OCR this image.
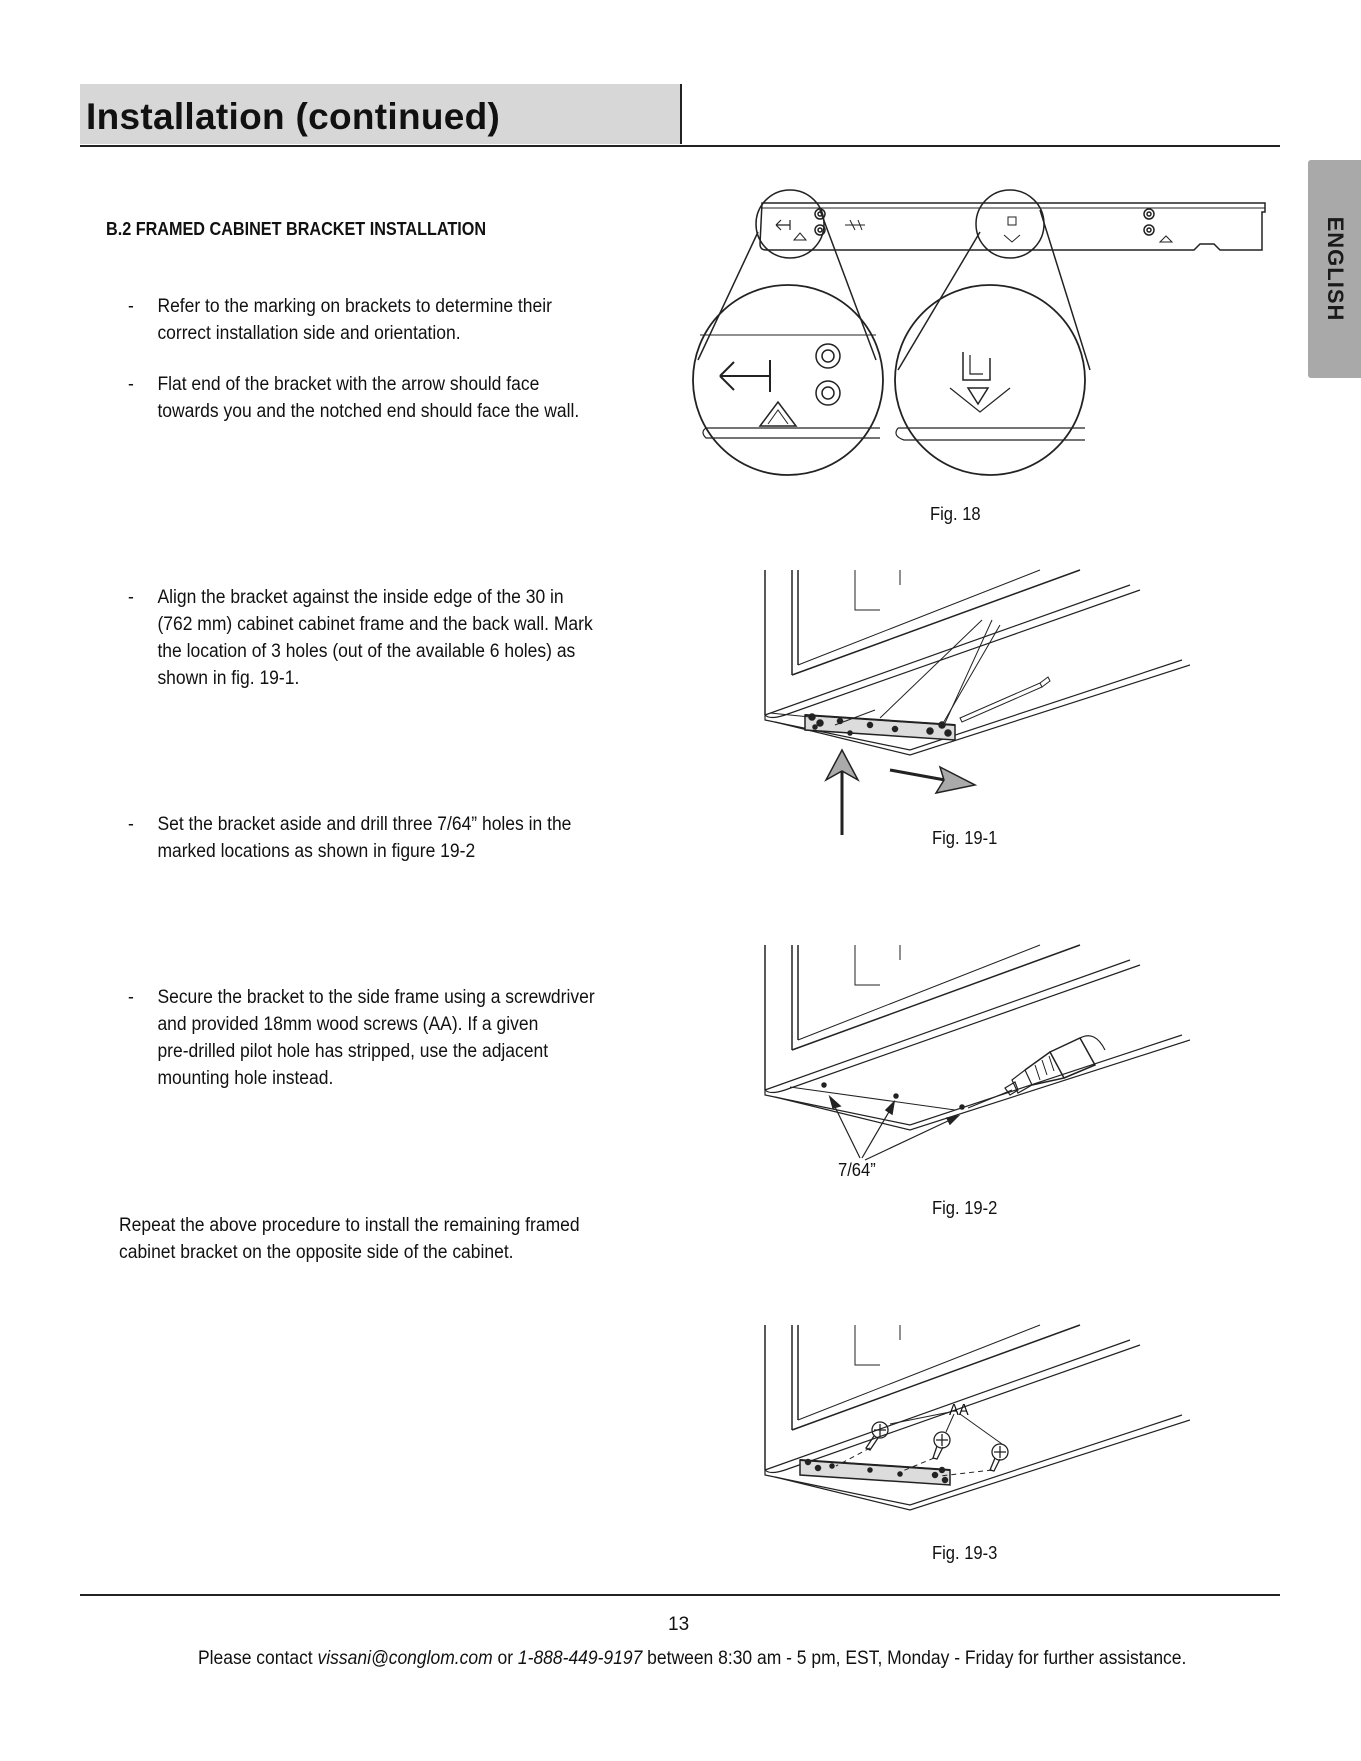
Installation (continued)
ENGLISH
B.2 FRAMED CABINET BRACKET INSTALLATION
- Refer to the marking on brackets to determine their
correct installation side and orientation.
- Flat end of the bracket with the arrow should face
towards you and the notched end should face the wall.
- Align the bracket against the inside edge of the 30 in
(762 mm) cabinet cabinet frame and the back wall. Mark
the location of 3 holes (out of the available 6 holes) as
shown in fig. 19-1.
- Set the bracket aside and drill three 7/64” holes in the
marked locations as shown in figure 19-2
- Secure the bracket to the side frame using a screwdriver
and provided 18mm wood screws (AA). If a given
pre-drilled pilot hole has stripped, use the adjacent
mounting hole instead.
Repeat the above procedure to install the remaining framed
cabinet bracket on the opposite side of the cabinet.
Fig. 18
Fig. 19-1
7/64”
Fig. 19-2
AA
Fig. 19-3
13
Please contact vissani@conglom.com or 1-888-449-9197 between 8:30 am - 5 pm, EST, Monday - Friday for further assistance.
